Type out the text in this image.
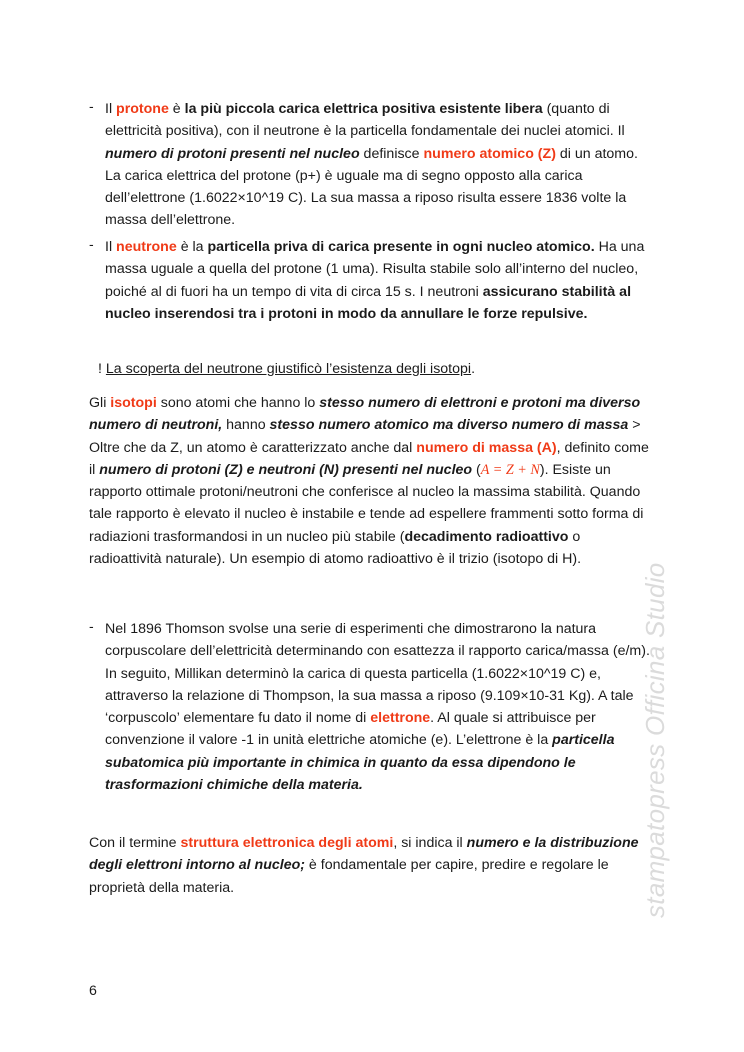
- Il protone è la più piccola carica elettrica positiva esistente libera (quanto di elettricità positiva), con il neutrone è la particella fondamentale dei nuclei atomici. Il numero di protoni presenti nel nucleo definisce numero atomico (Z) di un atomo. La carica elettrica del protone (p+) è uguale ma di segno opposto alla carica dell’elettrone (1.6022×10^19 C). La sua massa a riposo risulta essere 1836 volte la massa dell’elettrone.

- Il neutrone è la particella priva di carica presente in ogni nucleo atomico. Ha una massa uguale a quella del protone (1 uma). Risulta stabile solo all’interno del nucleo, poiché al di fuori ha un tempo di vita di circa 15 s. I neutroni assicurano stabilità al nucleo inserendosi tra i protoni in modo da annullare le forze repulsive.

! La scoperta del neutrone giustificò l’esistenza degli isotopi.

Gli isotopi sono atomi che hanno lo stesso numero di elettroni e protoni ma diverso numero di neutroni, hanno stesso numero atomico ma diverso numero di massa > Oltre che da Z, un atomo è caratterizzato anche dal numero di massa (A), definito come il numero di protoni (Z) e neutroni (N) presenti nel nucleo (A = Z + N). Esiste un rapporto ottimale protoni/neutroni che conferisce al nucleo la massima stabilità. Quando tale rapporto è elevato il nucleo è instabile e tende ad espellere frammenti sotto forma di radiazioni trasformandosi in un nucleo più stabile (decadimento radioattivo o radioattività naturale). Un esempio di atomo radioattivo è il trizio (isotopo di H).

- Nel 1896 Thomson svolse una serie di esperimenti che dimostrarono la natura corpuscolare dell’elettricità determinando con esattezza il rapporto carica/massa (e/m). In seguito, Millikan determinò la carica di questa particella (1.6022×10^19 C) e, attraverso la relazione di Thompson, la sua massa a riposo (9.109×10-31 Kg). A tale ‘corpuscolo’ elementare fu dato il nome di elettrone. Al quale si attribuisce per convenzione il valore -1 in unità elettriche atomiche (e). L’elettrone è la particella subatomica più importante in chimica in quanto da essa dipendono le trasformazioni chimiche della materia.

Con il termine struttura elettronica degli atomi, si indica il numero e la distribuzione degli elettroni intorno al nucleo; è fondamentale per capire, predire e regolare le proprietà della materia.

6
stampatopress Officina Studio
